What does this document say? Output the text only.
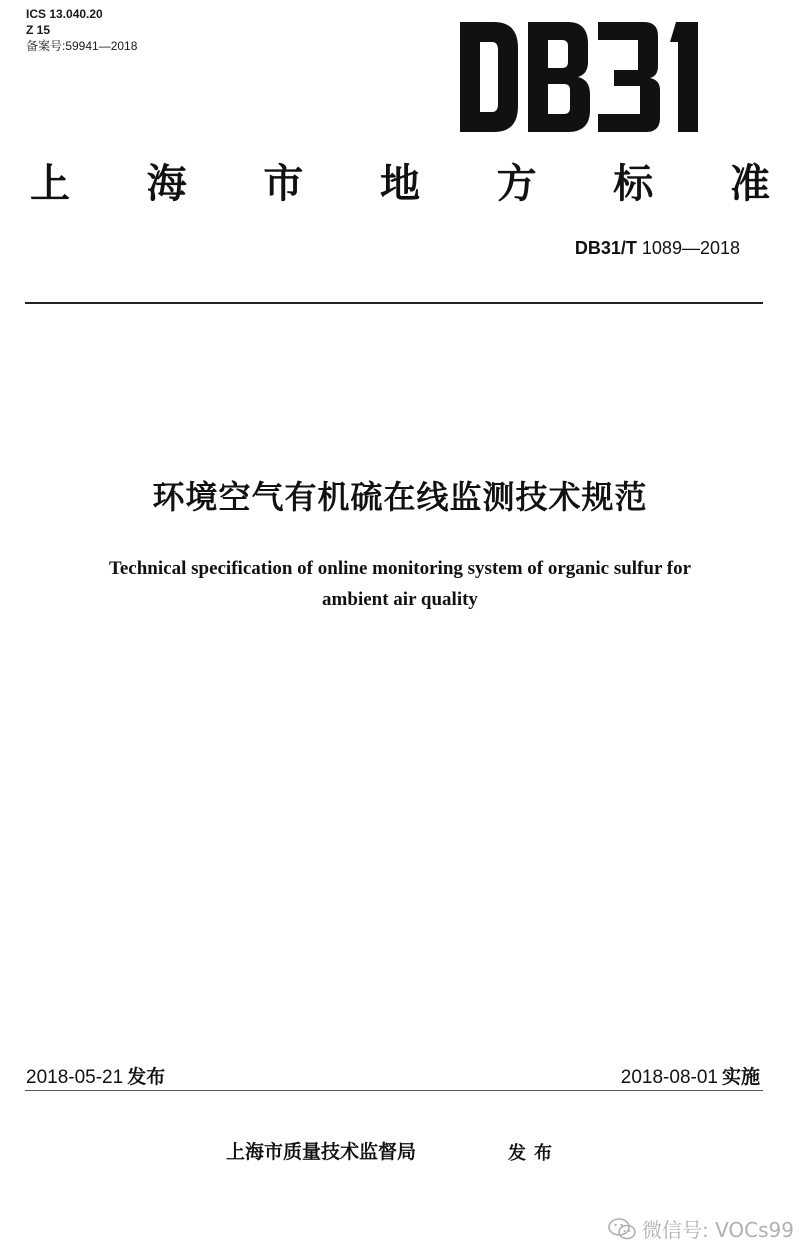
ICS 13.040.20
Z 15
备案号:59941—2018
上 海 市 地 方 标 准
DB31/T 1089—2018
环境空气有机硫在线监测技术规范
Technical specification of online monitoring system of organic sulfur for
ambient air quality
2018-05-21 发布	2018-08-01 实施
上海市质量技术监督局	发布
微信号: VOCs99
